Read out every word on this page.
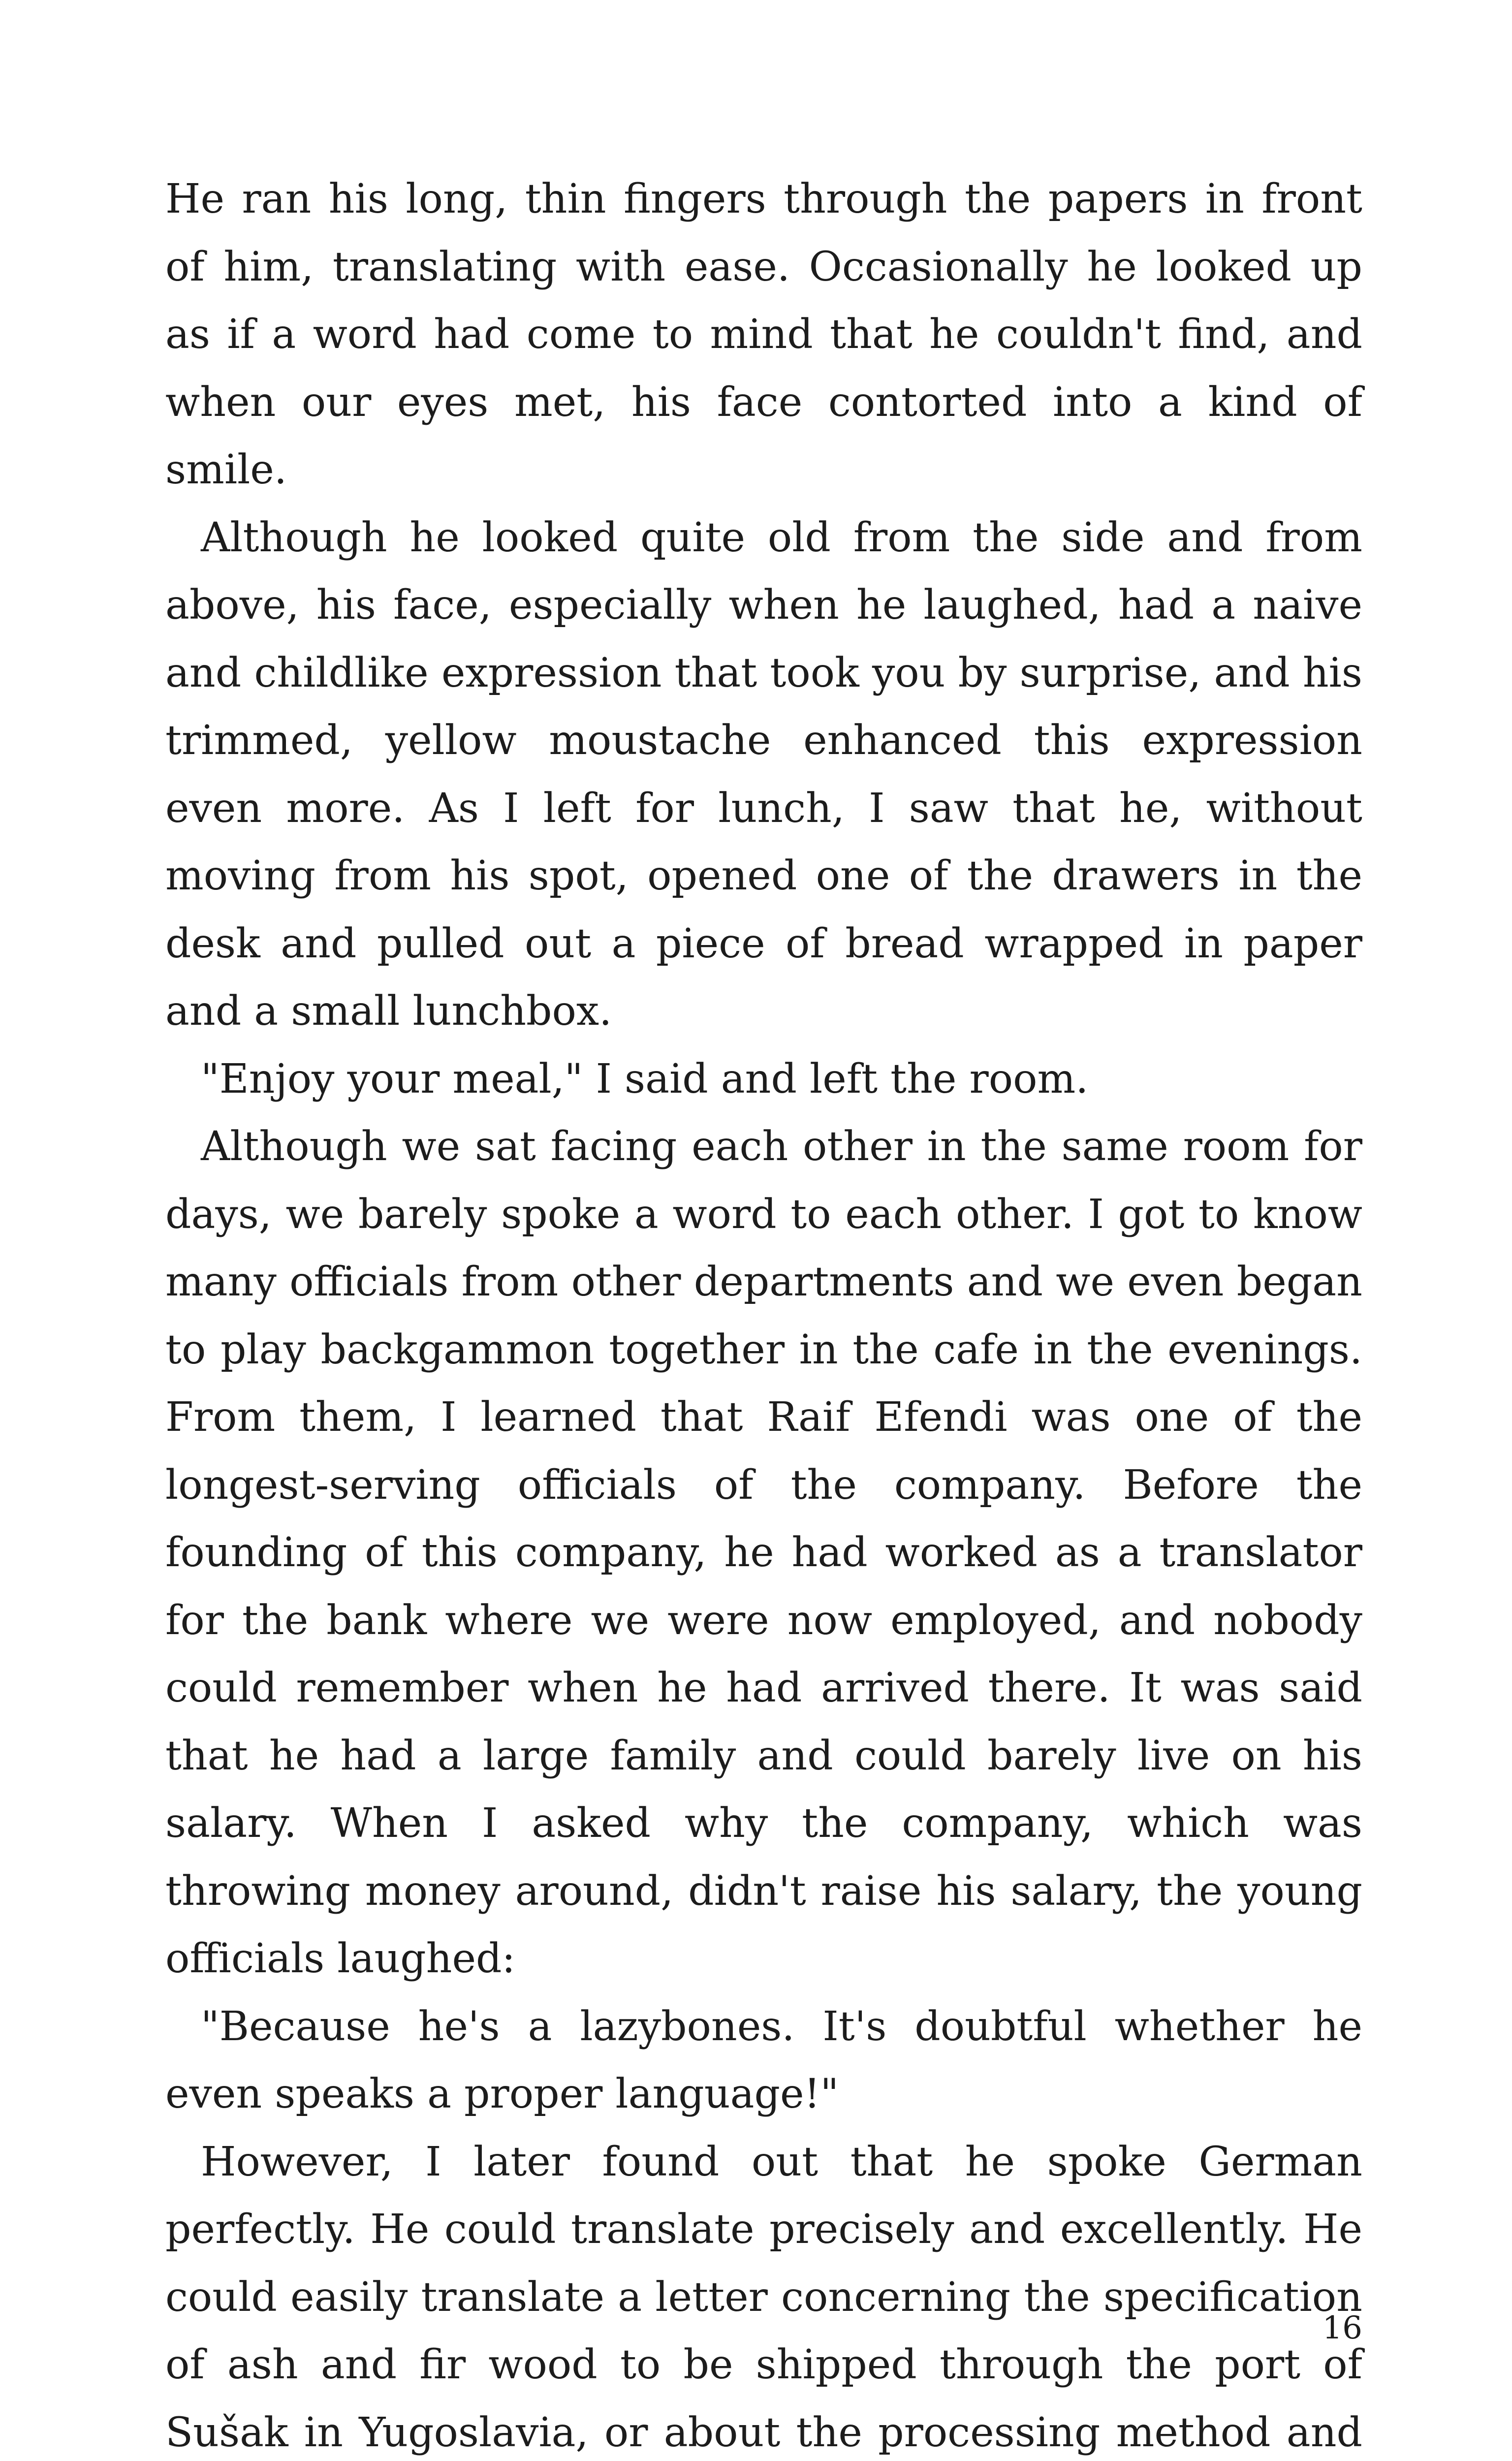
He ran his long, thin fingers through the papers in front of him, translating with ease. Occasionally he looked up as if a word had come to mind that he couldn't find, and when our eyes met, his face contorted into a kind of smile.

Although he looked quite old from the side and from above, his face, especially when he laughed, had a naive and childlike expression that took you by surprise, and his trimmed, yellow moustache enhanced this expression even more. As I left for lunch, I saw that he, without moving from his spot, opened one of the drawers in the desk and pulled out a piece of bread wrapped in paper and a small lunchbox.

"Enjoy your meal," I said and left the room.

Although we sat facing each other in the same room for days, we barely spoke a word to each other. I got to know many officials from other departments and we even began to play backgammon together in the cafe in the evenings. From them, I learned that Raif Efendi was one of the longest-serving officials of the company. Before the founding of this company, he had worked as a translator for the bank where we were now employed, and nobody could remember when he had arrived there. It was said that he had a large family and could barely live on his salary. When I asked why the company, which was throwing money around, didn't raise his salary, the young officials laughed:

"Because he's a lazybones. It's doubtful whether he even speaks a proper language!"

However, I later found out that he spoke German perfectly. He could translate precisely and excellently. He could easily translate a letter concerning the specification of ash and fir wood to be shipped through the port of Sušak in Yugoslavia, or about the processing method and

16
